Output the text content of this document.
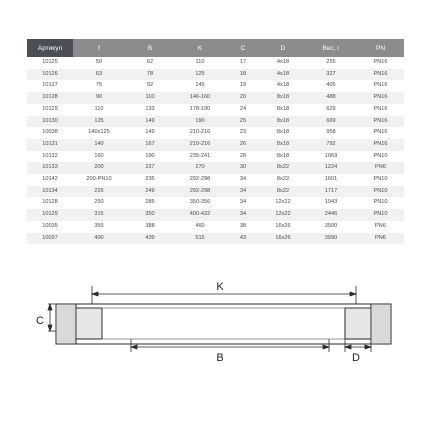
Артикул	f	B	K	C	D	Вес, г	PN
10125	50	62	110	17	4x18	255	PN16
10126	63	78	125	18	4x18	327	PN16
10127	75	92	145	19	4x18	405	PN16
10128	90	110	146-160	20	8x18	488	PN16
10129	110	133	178-190	24	8x18	629	PN16
10130	125	149	190	25	8x18	669	PN16
10038	140x125	149	210-216	23	8x18	958	PN16
10131	140	167	210-216	26	8x18	792	PN16
10132	160	190	235-241	28	8x18	1063	PN10
10133	200	227	270	30	8x22	1224	PN6
10142	200-PN10	235	292-298	34	8x22	1601	PN10
10134	225	249	292-298	34	8x22	1717	PN10
10128	250	285	350-356	34	12x22	1943	PN10
10129	315	350	400-432	34	12x22	2446	PN10
10035	355	388	460	38	16x26	3500	PN6
10037	400	439	515	43	16x26	3990	PN6
K
C
B	D
